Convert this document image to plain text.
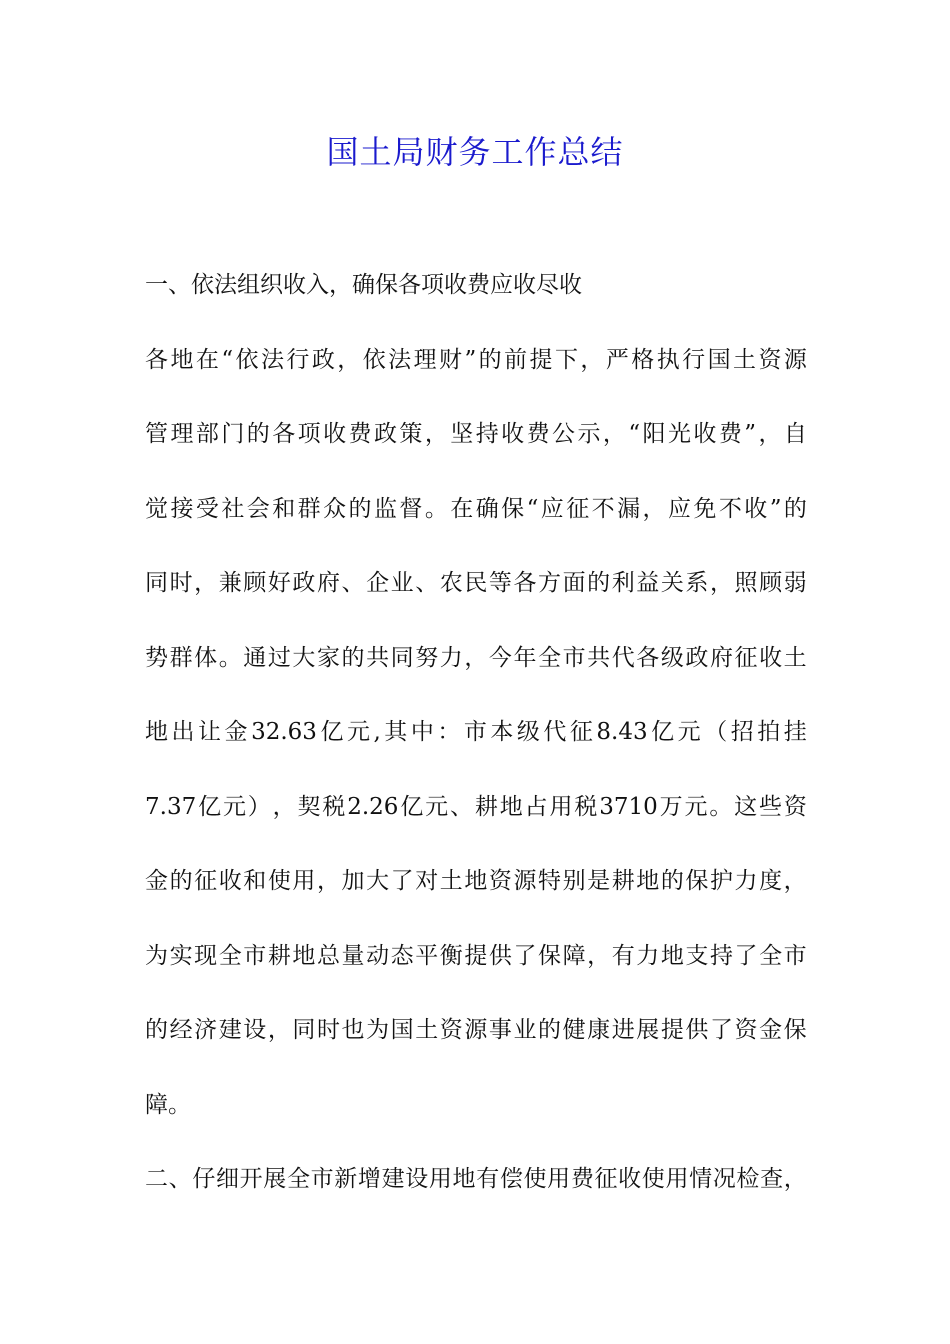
国土局财务工作总结
一、依法组织收入，确保各项收费应收尽收
各 地 在 “ 依 法 行 政 ， 依 法 理 财 ” 的 前 提 下 ， 严 格 执 行 国 土 资 源
管 理 部 门 的 各 项 收 费 政 策 ， 坚 持 收 费 公 示 ， “ 阳 光 收 费 ” ， 自
觉 接 受 社 会 和 群 众 的 监 督 。 在 确 保 “ 应 征 不 漏 ， 应 免 不 收 ” 的
同 时 ， 兼 顾 好 政 府 、 企 业 、 农 民 等 各 方 面 的 利 益 关 系 ， 照 顾 弱
势 群 体 。 通 过 大 家 的 共 同 努 力 ， 今 年 全 市 共 代 各 级 政 府 征 收 土
地 出 让 金 32.63 亿 元 , 其 中 ： 市 本 级 代 征 8.43 亿 元 （ 招 拍 挂
7.37 亿 元 ） ， 契 税 2.26 亿 元 、 耕 地 占 用 税 3710 万 元 。 这 些 资
金 的 征 收 和 使 用 ， 加 大 了 对 土 地 资 源 特 别 是 耕 地 的 保 护 力 度 ，
为 实 现 全 市 耕 地 总 量 动 态 平 衡 提 供 了 保 障 ， 有 力 地 支 持 了 全 市
的 经 济 建 设 ， 同 时 也 为 国 土 资 源 事 业 的 健 康 进 展 提 供 了 资 金 保
障。
二 、 仔 细 开 展 全 市 新 增 建 设 用 地 有 偿 使 用 费 征 收 使 用 情 况 检 查 ，
